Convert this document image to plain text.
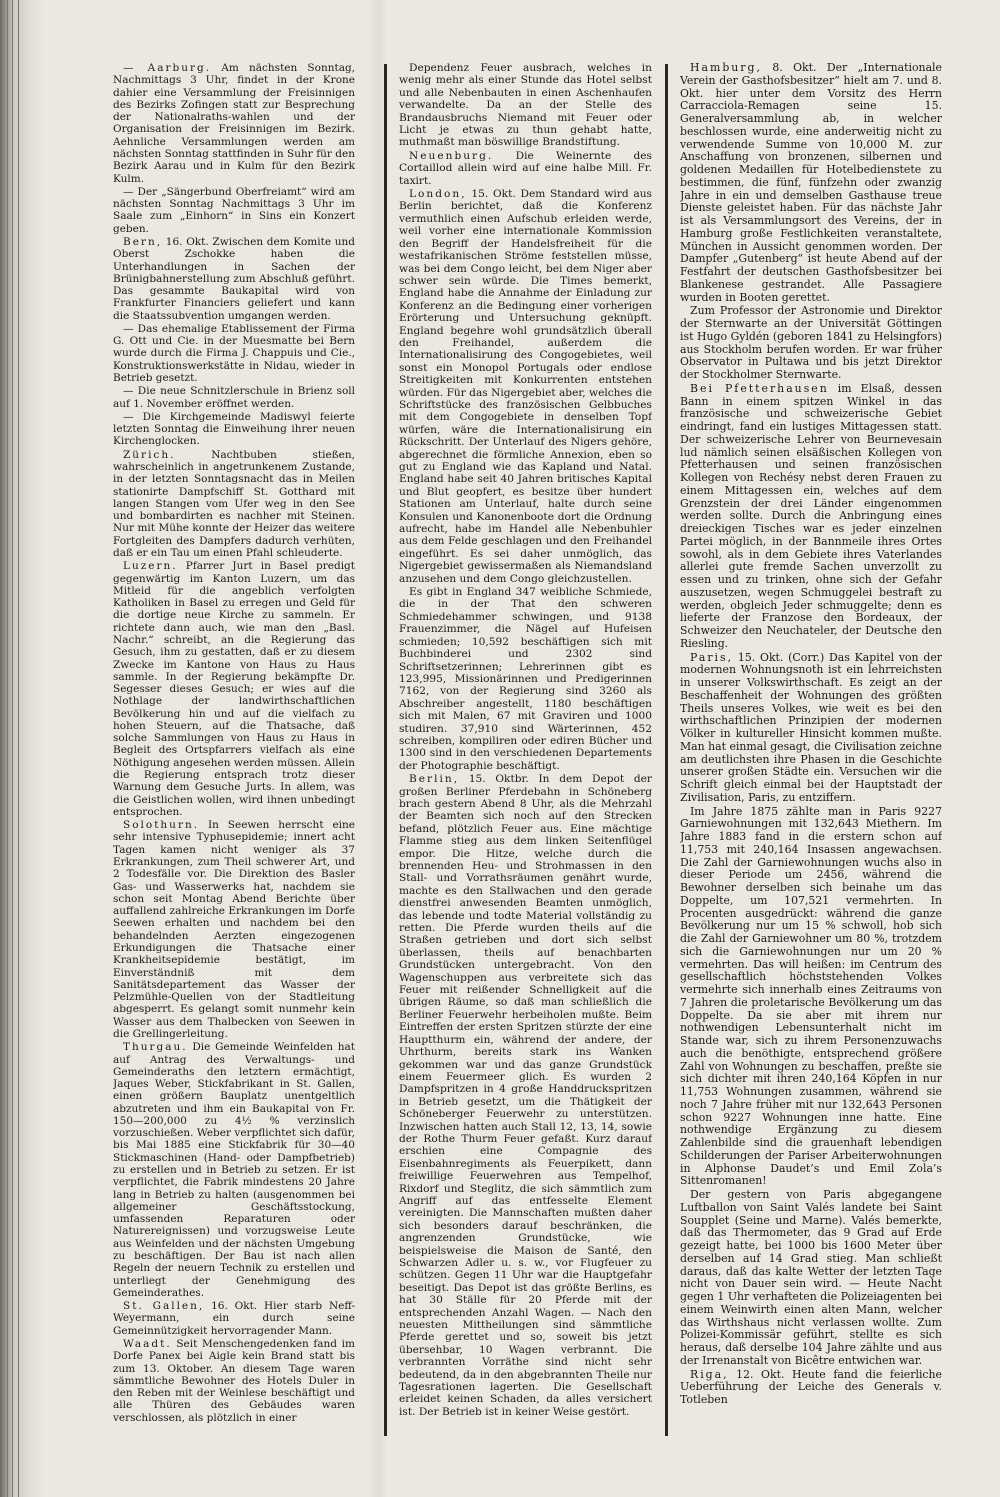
— Aarburg. Am nächsten Sonntag, Nachmittags 3 Uhr, findet in der Krone dahier eine Versammlung der Freisinnigen des Bezirks Zofingen statt zur Besprechung der Nationalraths-wahlen und der Organisation der Freisinnigen im Bezirk. Aehnliche Versammlungen werden am nächsten Sonntag stattfinden in Suhr für den Bezirk Aarau und in Kulm für den Bezirk Kulm.

— Der „Sängerbund Oberfreiamt“ wird am nächsten Sonntag Nachmittags 3 Uhr im Saale zum „Einhorn“ in Sins ein Konzert geben.

Bern, 16. Okt. Zwischen dem Komite und Oberst Zschokke haben die Unterhandlungen in Sachen der Brünigbahnerstellung zum Abschluß geführt. Das gesammte Baukapital wird von Frankfurter Financiers geliefert und kann die Staatssubvention umgangen werden.

— Das ehemalige Etablissement der Firma G. Ott und Cie. in der Muesmatte bei Bern wurde durch die Firma J. Chappuis und Cie., Konstruktionswerkstätte in Nidau, wieder in Betrieb gesetzt.

— Die neue Schnitzlerschule in Brienz soll auf 1. November eröffnet werden.

— Die Kirchgemeinde Madiswyl feierte letzten Sonntag die Einweihung ihrer neuen Kirchenglocken.

Zürich.	Nachtbuben stießen, wahrscheinlich in angetrunkenem Zustande, in der letzten Sonntagsnacht das in Meilen stationirte Dampfschiff St. Gotthard mit langen Stangen vom Ufer weg in den See und bombardirten es nachher mit Steinen. Nur mit Mühe konnte der Heizer das weitere Fortgleiten des Dampfers dadurch verhüten, daß er ein Tau um einen Pfahl schleuderte.

Luzern. Pfarrer Jurt in Basel predigt gegenwärtig im Kanton Luzern, um das Mitleid für die angeblich verfolgten Katholiken in Basel zu erregen und Geld für die dortige neue Kirche zu sammeln. Er richtete dann auch, wie man den „Basl. Nachr.“ schreibt, an die Regierung das Gesuch, ihm zu gestatten, daß er zu diesem Zwecke im Kantone von Haus zu Haus sammle. In der Regierung bekämpfte Dr. Segesser dieses Gesuch; er wies auf die Nothlage der landwirthschaftlichen Bevölkerung hin und auf die vielfach zu hohen Steuern, auf die Thatsache, daß solche Sammlungen von Haus zu Haus in Begleit des Ortspfarrers vielfach als eine Nöthigung angesehen werden müssen. Allein die Regierung entsprach trotz dieser Warnung dem Gesuche Jurts. In allem, was die Geistlichen wollen, wird ihnen unbedingt entsprochen.

Solothurn. In Seewen herrscht eine sehr intensive Typhusepidemie; innert acht Tagen kamen nicht weniger als 37 Erkrankungen, zum Theil schwerer Art, und 2 Todesfälle vor. Die Direktion des Basler Gas- und Wasserwerks hat, nachdem sie schon seit Montag Abend Berichte über auffallend zahlreiche Erkrankungen im Dorfe Seewen erhalten und nachdem bei den behandelnden Aerzten eingezogenen Erkundigungen die Thatsache einer Krankheitsepidemie bestätigt, im Einverständniß mit dem Sanitätsdepartement das Wasser der Pelzmühle-Quellen von der Stadtleitung abgesperrt. Es gelangt somit nunmehr kein Wasser aus dem Thalbecken von Seewen in die Grellingerleitung.

Thurgau. Die Gemeinde Weinfelden hat auf Antrag des Verwaltungs- und Gemeinderaths den letztern ermächtigt, Jaques Weber, Stickfabrikant in St. Gallen, einen größern Bauplatz unentgeltlich abzutreten und ihm ein Baukapital von Fr. 150—200,000 zu 4½ % verzinslich vorzuschießen. Weber verpflichtet sich dafür, bis Mai 1885 eine Stickfabrik für 30—40 Stickmaschinen (Hand- oder Dampfbetrieb) zu erstellen und in Betrieb zu setzen. Er ist verpflichtet, die Fabrik mindestens 20 Jahre lang in Betrieb zu halten (ausgenommen bei allgemeiner Geschäftsstockung, umfassenden Reparaturen oder Naturereignissen) und vorzugsweise Leute aus Weinfelden und der nächsten Umgebung zu beschäftigen. Der Bau ist nach allen Regeln der neuern Technik zu erstellen und unterliegt der Genehmigung des Gemeinderathes.

St. Gallen, 16. Okt. Hier starb Neff-Weyermann, ein durch seine Gemeinnützigkeit hervorragender Mann.

Waadt. Seit Menschengedenken fand im Dorfe Panex bei Aigle kein Brand statt bis zum 13. Oktober. An diesem Tage waren sämmtliche Bewohner des Hotels Duler in den Reben mit der Weinlese beschäftigt und alle Thüren des Gebäudes waren verschlossen, als plötzlich in einer

Dependenz Feuer ausbrach, welches in wenig mehr als einer Stunde das Hotel selbst und alle Nebenbauten in einen Aschenhaufen verwandelte. Da an der Stelle des Brandausbruchs Niemand mit Feuer oder Licht je etwas zu thun gehabt hatte, muthmaßt man böswillige Brandstiftung.

Neuenburg. Die Weinernte des Cortaillod allein wird auf eine halbe Mill. Fr. taxirt.

London, 15. Okt. Dem Standard wird aus Berlin berichtet, daß die Konferenz vermuthlich einen Aufschub erleiden werde, weil vorher eine internationale Kommission den Begriff der Handelsfreiheit für die westafrikanischen Ströme feststellen müsse, was bei dem Congo leicht, bei dem Niger aber schwer sein würde. Die Times bemerkt, England habe die Annahme der Einladung zur Konferenz an die Bedingung einer vorherigen Erörterung und Untersuchung geknüpft. England begehre wohl grundsätzlich überall den Freihandel, außerdem die Internationalisirung des Congogebietes, weil sonst ein Monopol Portugals oder endlose Streitigkeiten mit Konkurrenten entstehen würden. Für das Nigergebiet aber, welches die Schriftstücke des französischen Gelbbuches mit dem Congogebiete in denselben Topf würfen, wäre die Internationalisirung ein Rückschritt. Der Unterlauf des Nigers gehöre, abgerechnet die förmliche Annexion, eben so gut zu England wie das Kapland und Natal. England habe seit 40 Jahren britisches Kapital und Blut geopfert, es besitze über hundert Stationen am Unterlauf, halte durch seine Konsulen und Kanonenboote dort die Ordnung aufrecht, habe im Handel alle Nebenbuhler aus dem Felde geschlagen und den Freihandel eingeführt. Es sei daher unmöglich, das Nigergebiet gewissermaßen als Niemandsland anzusehen und dem Congo gleichzustellen.

Es gibt in England 347 weibliche Schmiede, die in der That den schweren Schmiedehammer schwingen, und 9138 Frauenzimmer, die Nägel auf Hufeisen schmieden; 10,592 beschäftigen sich mit Buchbinderei und 2302 sind Schriftsetzerinnen; Lehrerinnen gibt es 123,995, Missionärinnen und Predigerinnen 7162, von der Regierung sind 3260 als Abschreiber angestellt, 1180 beschäftigen sich mit Malen, 67 mit Graviren und 1000 studiren. 37,910 sind Wärterinnen, 452 schreiben, kompiliren oder ediren Bücher und 1300 sind in den verschiedenen Departements der Photographie beschäftigt.

Berlin, 15. Oktbr. In dem Depot der großen Berliner Pferdebahn in Schöneberg brach gestern Abend 8 Uhr, als die Mehrzahl der Beamten sich noch auf den Strecken befand, plötzlich Feuer aus. Eine mächtige Flamme stieg aus dem linken Seitenflügel empor. Die Hitze, welche durch die brennenden Heu- und Strohmassen in den Stall- und Vorrathsräumen genährt wurde, machte es den Stallwachen und den gerade dienstfrei anwesenden Beamten unmöglich, das lebende und todte Material vollständig zu retten. Die Pferde wurden theils auf die Straßen getrieben und dort sich selbst überlassen, theils auf benachbarten Grundstücken untergebracht. Von den Wagenschuppen aus verbreitete sich das Feuer mit reißender Schnelligkeit auf die übrigen Räume, so daß man schließlich die Berliner Feuerwehr herbeiholen mußte. Beim Eintreffen der ersten Spritzen stürzte der eine Hauptthurm ein, während der andere, der Uhrthurm, bereits stark ins Wanken gekommen war und das ganze Grundstück einem Feuermeer glich. Es wurden 2 Dampfspritzen in 4 große Handdruckspritzen in Betrieb gesetzt, um die Thätigkeit der Schöneberger Feuerwehr zu unterstützen. Inzwischen hatten auch Stall 12, 13, 14, sowie der Rothe Thurm Feuer gefaßt. Kurz darauf erschien eine Compagnie des Eisenbahnregiments als Feuerpikett, dann freiwillige Feuerwehren aus Tempelhof, Rixdorf und Steglitz, die sich sämmtlich zum Angriff auf das entfesselte Element vereinigten. Die Mannschaften mußten daher sich besonders darauf beschränken, die angrenzenden Grundstücke, wie beispielsweise die Maison de Santé, den Schwarzen Adler u. s. w., vor Flugfeuer zu schützen. Gegen 11 Uhr war die Hauptgefahr beseitigt. Das Depot ist das größte Berlins, es hat 30 Ställe für 20 Pferde mit der entsprechenden Anzahl Wagen. — Nach den neuesten Mittheilungen sind sämmtliche Pferde gerettet und so, soweit bis jetzt übersehbar, 10 Wagen verbrannt. Die verbrannten Vorräthe sind nicht sehr bedeutend, da in den abgebrannten Theile nur Tagesrationen lagerten. Die Gesellschaft erleidet keinen Schaden, da alles versichert ist. Der Betrieb ist in keiner Weise gestört.

Hamburg, 8. Okt. Der „Internationale Verein der Gasthofsbesitzer“ hielt am 7. und 8. Okt. hier unter dem Vorsitz des Herrn Carracciola-Remagen seine 15. Generalversammlung ab, in welcher beschlossen wurde, eine anderweitig nicht zu verwendende Summe von 10,000 M. zur Anschaffung von bronzenen, silbernen und goldenen Medaillen für Hotelbedienstete zu bestimmen, die fünf, fünfzehn oder zwanzig Jahre in ein und demselben Gasthause treue Dienste geleistet haben. Für das nächste Jahr ist als Versammlungsort des Vereins, der in Hamburg große Festlichkeiten veranstaltete, München in Aussicht genommen worden. Der Dampfer „Gutenberg“ ist heute Abend auf der Festfahrt der deutschen Gasthofsbesitzer bei Blankenese gestrandet. Alle Passagiere wurden in Booten gerettet.

Zum Professor der Astronomie und Direktor der Sternwarte an der Universität Göttingen ist Hugo Gyldén (geboren 1841 zu Helsingfors) aus Stockholm berufen worden. Er war früher Observator in Pultawa und bis jetzt Direktor der Stockholmer Sternwarte.

Bei Pfetterhausen im Elsaß, dessen Bann in einem spitzen Winkel in das französische und schweizerische Gebiet eindringt, fand ein lustiges Mittagessen statt. Der schweizerische Lehrer von Beurnevesain lud nämlich seinen elsäßischen Kollegen von Pfetterhausen und seinen französischen Kollegen von Rechésy nebst deren Frauen zu einem Mittagessen ein, welches auf dem Grenzstein der drei Länder eingenommen werden sollte. Durch die Anbringung eines dreieckigen Tisches war es jeder einzelnen Partei möglich, in der Bannmeile ihres Ortes sowohl, als in dem Gebiete ihres Vaterlandes allerlei gute fremde Sachen unverzollt zu essen und zu trinken, ohne sich der Gefahr auszusetzen, wegen Schmuggelei bestraft zu werden, obgleich Jeder schmuggelte; denn es lieferte der Franzose den Bordeaux, der Schweizer den Neuchateler, der Deutsche den Riesling.

Paris, 15. Okt. (Corr.) Das Kapitel von der modernen Wohnungsnoth ist ein lehrreichsten in unserer Volkswirthschaft. Es zeigt an der Beschaffenheit der Wohnungen des größten Theils unseres Volkes, wie weit es bei den wirthschaftlichen Prinzipien der modernen Völker in kultureller Hinsicht kommen mußte. Man hat einmal gesagt, die Civilisation zeichne am deutlichsten ihre Phasen in die Geschichte unserer großen Städte ein. Versuchen wir die Schrift gleich einmal bei der Hauptstadt der Zivilisation, Paris, zu entziffern.

Im Jahre 1875 zählte man in Paris 9227 Garniewohnungen mit 132,643 Miethern. Im Jahre 1883 fand in die erstern schon auf 11,753 mit 240,164 Insassen angewachsen. Die Zahl der Garniewohnungen wuchs also in dieser Periode um 2456, während die Bewohner derselben sich beinahe um das Doppelte, um 107,521 vermehrten. In Procenten ausgedrückt: während die ganze Bevölkerung nur um 15 % schwoll, hob sich die Zahl der Garniewohner um 80 %, trotzdem sich die Garniewohnungen nur um 20 % vermehrten. Das will heißen: im Centrum des gesellschaftlich höchststehenden Volkes vermehrte sich innerhalb eines Zeitraums von 7 Jahren die proletarische Bevölkerung um das Doppelte. Da sie aber mit ihrem nur nothwendigen Lebensunterhalt nicht im Stande war, sich zu ihrem Personenzuwachs auch die benöthigte, entsprechend größere Zahl von Wohnungen zu beschaffen, preßte sie sich dichter mit ihren 240,164 Köpfen in nur 11,753 Wohnungen zusammen, während sie noch 7 Jahre früher mit nur 132,643 Personen schon 9227 Wohnungen inne hatte. Eine nothwendige Ergänzung zu diesem Zahlenbilde sind die grauenhaft lebendigen Schilderungen der Pariser Arbeiterwohnungen in Alphonse Daudet’s und Emil Zola’s Sittenromanen!

Der gestern von Paris abgegangene Luftballon von Saint Valés landete bei Saint Soupplet (Seine und Marne). Valés bemerkte, daß das Thermometer, das 9 Grad auf Erde gezeigt hatte, bei 1000 bis 1600 Meter über derselben auf 14 Grad stieg. Man schließt daraus, daß das kalte Wetter der letzten Tage nicht von Dauer sein wird. — Heute Nacht gegen 1 Uhr verhafteten die Polizeiagenten bei einem Weinwirth einen alten Mann, welcher das Wirthshaus nicht verlassen wollte. Zum Polizei-Kommissär geführt, stellte es sich heraus, daß derselbe 104 Jahre zählte und aus der Irrenanstalt von Bicêtre entwichen war.

Riga, 12. Okt. Heute fand die feierliche Ueberführung der Leiche des Generals v. Totleben
